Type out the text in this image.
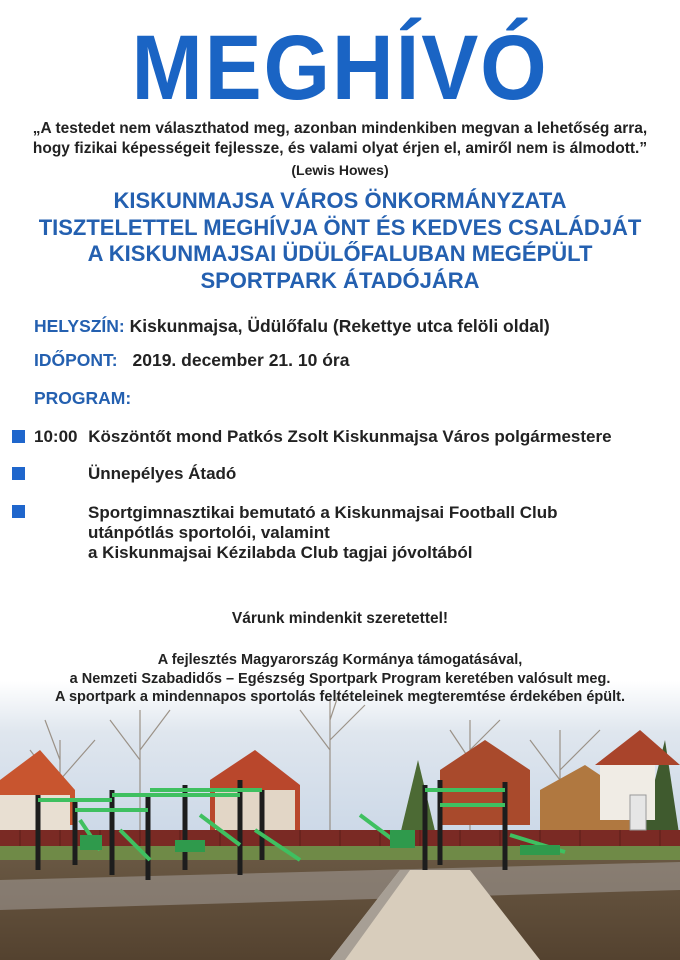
MEGHÍVÓ
„A testedet nem választhatod meg, azonban mindenkiben megvan a lehetőség arra,
hogy fizikai képességeit fejlessze, és valami olyat érjen el, amiről nem is álmodott.”
(Lewis Howes)
KISKUNMAJSA VÁROS ÖNKORMÁNYZATA
TISZTELETTEL MEGHÍVJA ÖNT ÉS KEDVES CSALÁDJÁT
A KISKUNMAJSAI ÜDÜLŐFALUBAN MEGÉPÜLT
SPORTPARK ÁTADÓJÁRA
HELYSZÍN: Kiskunmajsa, Üdülőfalu (Rekettye utca felöli oldal)
IDŐPONT: 2019. december 21. 10 óra
PROGRAM:
10:00 Köszöntőt mond Patkós Zsolt Kiskunmajsa Város polgármestere
Ünnepélyes Átadó
Sportgimnasztikai bemutató a Kiskunmajsai Football Club
utánpótlás sportolói, valamint
a Kiskunmajsai Kézilabda Club tagjai jóvoltából
Várunk mindenkit szeretettel!
A fejlesztés Magyarország Kormánya támogatásával,
a Nemzeti Szabadidős – Egészség Sportpark Program keretében valósult meg.
A sportpark a mindennapos sportolás feltételeinek megteremtése érdekében épült.
